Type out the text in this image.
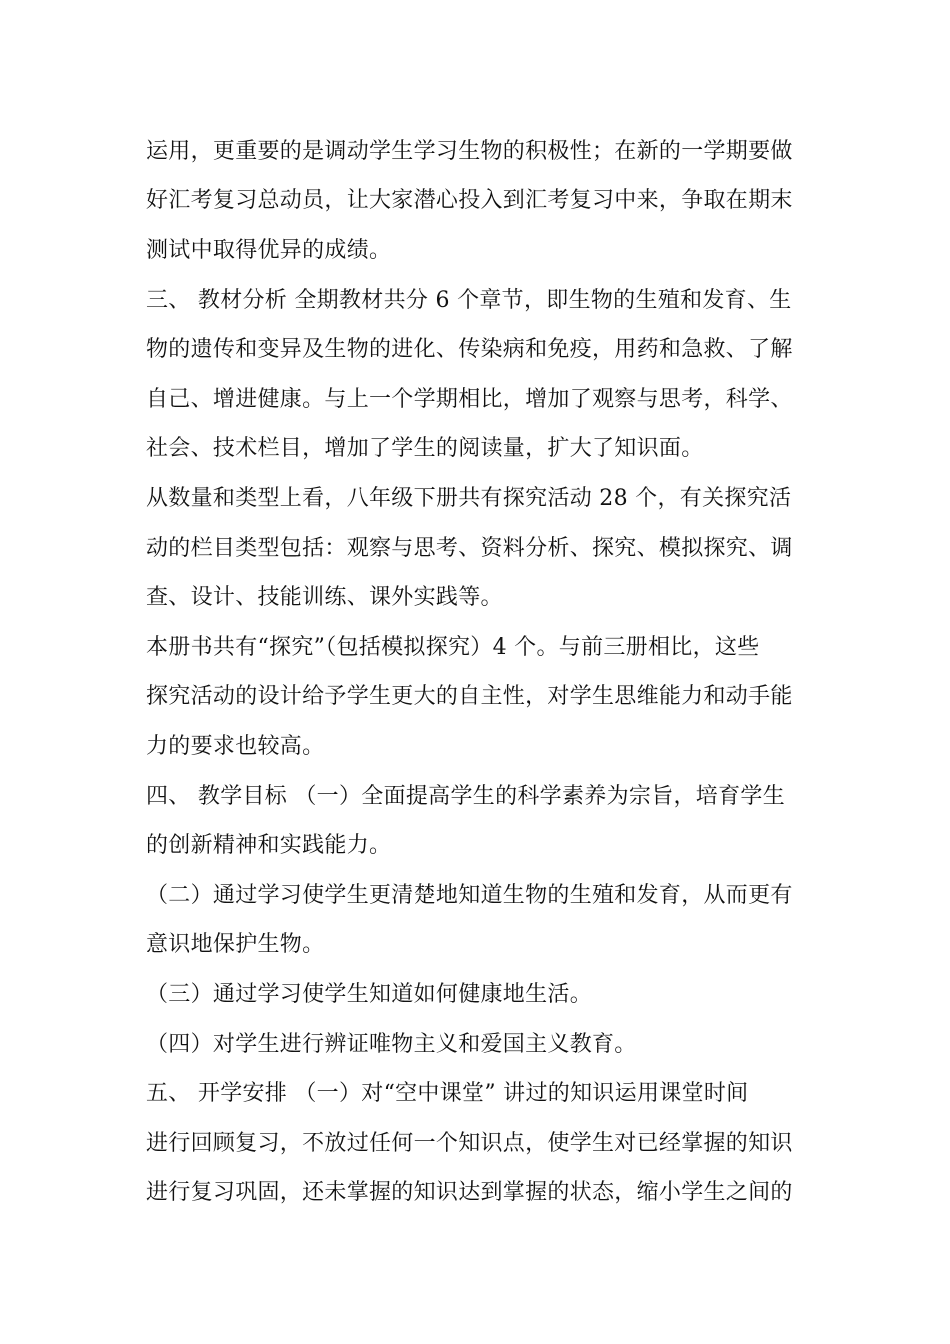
运用，更重要的是调动学生学习生物的积极性；在新的一学期要做
好汇考复习总动员，让大家潜心投入到汇考复习中来，争取在期末
测试中取得优异的成绩。
三、 教材分析 全期教材共分 6 个章节，即生物的生殖和发育、生
物的遗传和变异及生物的进化、传染病和免疫，用药和急救、了解
自己、增进健康。与上一个学期相比，增加了观察与思考，科学、
社会、技术栏目，增加了学生的阅读量，扩大了知识面。
从数量和类型上看，八年级下册共有探究活动 28 个，有关探究活
动的栏目类型包括：观察与思考、资料分析、探究、模拟探究、调
查、设计、技能训练、课外实践等。
本册书共有“探究”（包括模拟探究）4 个。与前三册相比，这些
探究活动的设计给予学生更大的自主性，对学生思维能力和动手能
力的要求也较高。
四、 教学目标 （一）全面提高学生的科学素养为宗旨，培育学生
的创新精神和实践能力。
（二）通过学习使学生更清楚地知道生物的生殖和发育，从而更有
意识地保护生物。
（三）通过学习使学生知道如何健康地生活。
（四）对学生进行辨证唯物主义和爱国主义教育。
五、 开学安排 （一）对“空中课堂” 讲过的知识运用课堂时间
进行回顾复习，不放过任何一个知识点，使学生对已经掌握的知识
进行复习巩固，还未掌握的知识达到掌握的状态，缩小学生之间的
